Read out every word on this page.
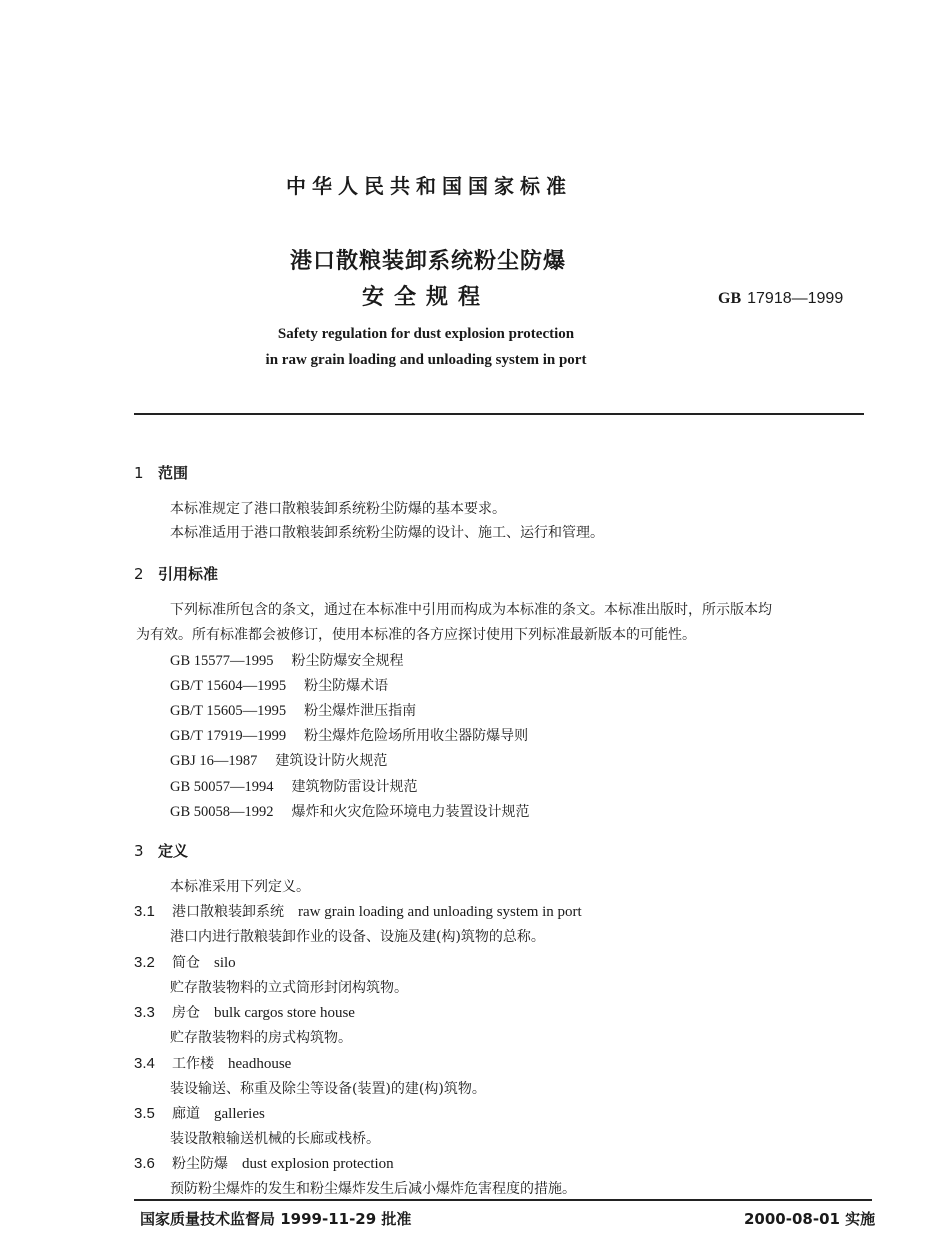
中华人民共和国国家标准
港口散粮装卸系统粉尘防爆
安全规程	GB 17918—1999
Safety regulation for dust explosion protection
in raw grain loading and unloading system in port
1 范围
本标准规定了港口散粮装卸系统粉尘防爆的基本要求。
本标准适用于港口散粮装卸系统粉尘防爆的设计、施工、运行和管理。
2 引用标准
下列标准所包含的条文，通过在本标准中引用而构成为本标准的条文。本标准出版时，所示版本均
为有效。所有标准都会被修订，使用本标准的各方应探讨使用下列标准最新版本的可能性。
GB 15577—1995 粉尘防爆安全规程
GB/T 15604—1995 粉尘防爆术语
GB/T 15605—1995 粉尘爆炸泄压指南
GB/T 17919—1999 粉尘爆炸危险场所用收尘器防爆导则
GBJ 16—1987 建筑设计防火规范
GB 50057—1994 建筑物防雷设计规范
GB 50058—1992 爆炸和火灾危险环境电力装置设计规范
3 定义
本标准采用下列定义。
3.1 港口散粮装卸系统 raw grain loading and unloading system in port
港口内进行散粮装卸作业的设备、设施及建(构)筑物的总称。
3.2 简仓 silo
贮存散装物料的立式筒形封闭构筑物。
3.3 房仓 bulk cargos store house
贮存散装物料的房式构筑物。
3.4 工作楼 headhouse
装设输送、称重及除尘等设备(装置)的建(构)筑物。
3.5 廊道 galleries
装设散粮输送机械的长廊或栈桥。
3.6 粉尘防爆 dust explosion protection
预防粉尘爆炸的发生和粉尘爆炸发生后减小爆炸危害程度的措施。
国家质量技术监督局 1999-11-29 批准	2000-08-01 实施
